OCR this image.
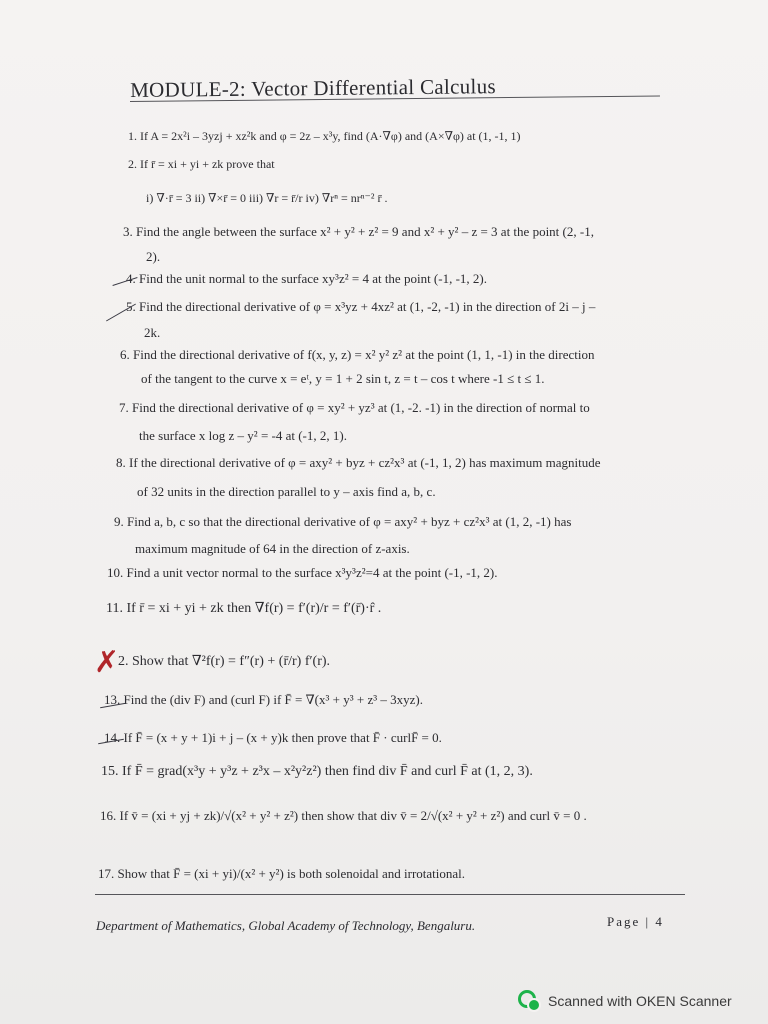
MODULE-2: Vector Differential Calculus
1. If A = 2x²i – 3yzj + xz²k and φ = 2z – x³y, find (A·∇φ) and (A×∇φ) at (1, -1, 1)
2. If r̄ = xi + yi + zk prove that
i) ∇·r̄ = 3 ii) ∇×r̄ = 0 iii) ∇r = r̄/r iv) ∇rⁿ = nrⁿ⁻² r̄ .
3. Find the angle between the surface x² + y² + z² = 9 and x² + y² – z = 3 at the point (2, -1,
2).
4. Find the unit normal to the surface xy³z² = 4 at the point (-1, -1, 2).
5. Find the directional derivative of φ = x³yz + 4xz² at (1, -2, -1) in the direction of 2i – j –
2k.
6. Find the directional derivative of f(x, y, z) = x² y² z² at the point (1, 1, -1) in the direction
of the tangent to the curve x = eᵗ, y = 1 + 2 sin t, z = t – cos t where -1 ≤ t ≤ 1.
7. Find the directional derivative of φ = xy² + yz³ at (1, -2. -1) in the direction of normal to
the surface x log z – y² = -4 at (-1, 2, 1).
8. If the directional derivative of φ = axy² + byz + cz²x³ at (-1, 1, 2) has maximum magnitude
of 32 units in the direction parallel to y – axis find a, b, c.
9. Find a, b, c so that the directional derivative of φ = axy² + byz + cz²x³ at (1, 2, -1) has
maximum magnitude of 64 in the direction of z-axis.
10. Find a unit vector normal to the surface x³y³z²=4 at the point (-1, -1, 2).
11. If r̄ = xi + yi + zk then ∇f(r) = f′(r)/r = f′(r̄)·r̂ .
✗
2. Show that ∇²f(r) = f″(r) + (r̄/r) f′(r).
13. Find the (div F) and (curl F) if F̄ = ∇(x³ + y³ + z³ – 3xyz).
14. If F̄ = (x + y + 1)i + j – (x + y)k then prove that F̄ · curlF̄ = 0.
15. If F̄ = grad(x³y + y³z + z³x – x²y²z²) then find div F̄ and curl F̄ at (1, 2, 3).
16. If v̄ = (xi + yj + zk)/√(x² + y² + z²) then show that div v̄ = 2/√(x² + y² + z²) and curl v̄ = 0 .
17. Show that F̄ = (xi + yi)/(x² + y²) is both solenoidal and irrotational.
Department of Mathematics, Global Academy of Technology, Bengaluru.	Page | 4
Scanned with OKEN Scanner
